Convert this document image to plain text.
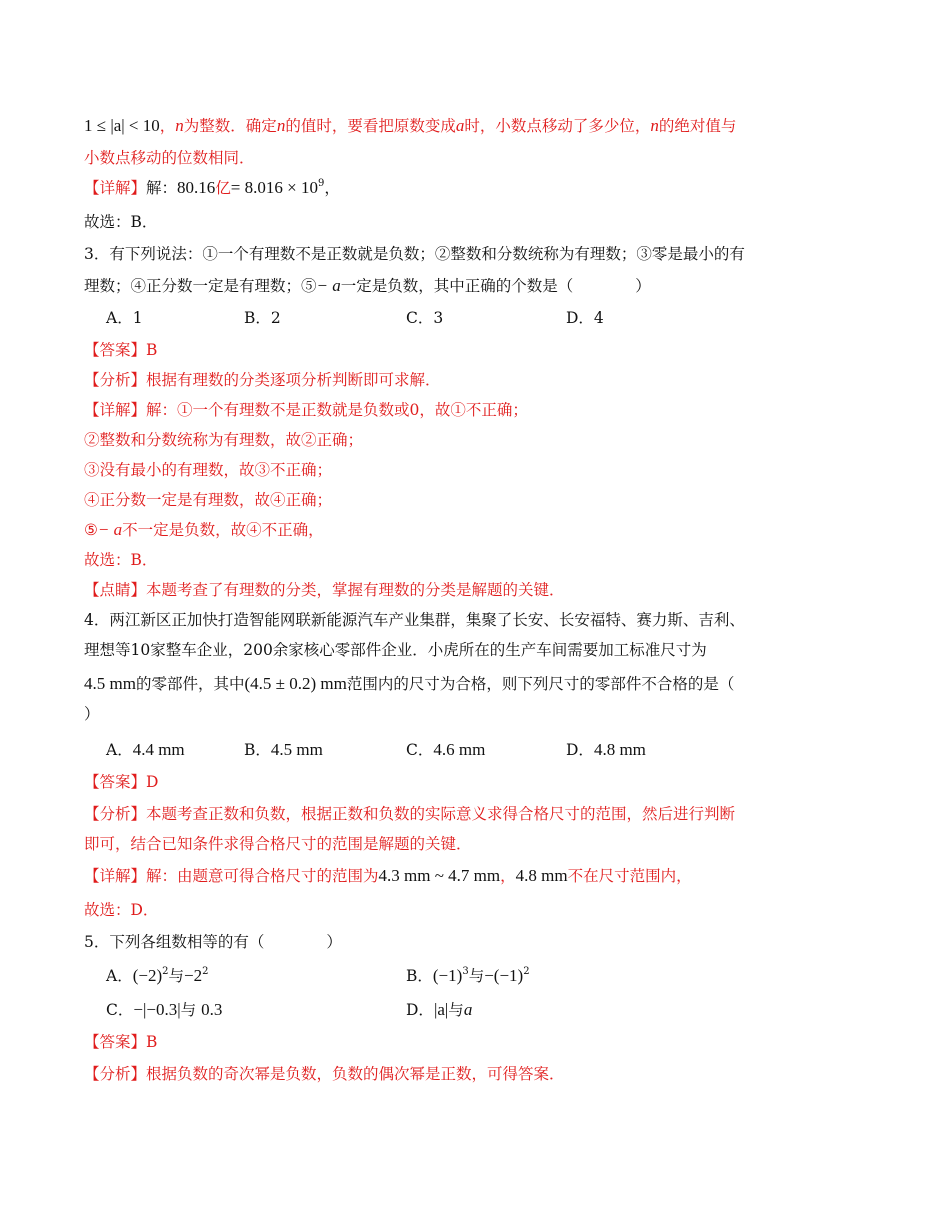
1 ≤ |a| < 10，n为整数．确定n的值时，要看把原数变成a时，小数点移动了多少位，n的绝对值与
小数点移动的位数相同．
【详解】解：80.16亿= $8.016 \times 10^9$，
故选：B．
3．有下列说法：①一个有理数不是正数就是负数；②整数和分数统称为有理数；③零是最小的有
理数；④正分数一定是有理数；⑤− a一定是负数，其中正确的个数是（　　　　）
A．1	B．2	C．3	D．4
【答案】B
【分析】根据有理数的分类逐项分析判断即可求解．
【详解】解：①一个有理数不是正数就是负数或0，故①不正确；
②整数和分数统称为有理数，故②正确；
③没有最小的有理数，故③不正确；
④正分数一定是有理数，故④正确；
⑤− a不一定是负数，故④不正确，
故选：B．
【点睛】本题考查了有理数的分类，掌握有理数的分类是解题的关键．
4．两江新区正加快打造智能网联新能源汽车产业集群，集聚了长安、长安福特、赛力斯、吉利、
理想等10家整车企业，200余家核心零部件企业．小虎所在的生产车间需要加工标准尺寸为
4.5 mm的零部件，其中(4.5 ± 0.2) mm范围内的尺寸为合格，则下列尺寸的零部件不合格的是（
）
A．4.4 mm	B．4.5 mm	C．4.6 mm	D．4.8 mm
【答案】D
【分析】本题考查正数和负数，根据正数和负数的实际意义求得合格尺寸的范围，然后进行判断
即可，结合已知条件求得合格尺寸的范围是解题的关键．
【详解】解：由题意可得合格尺寸的范围为4.3 mm ~ 4.7 mm，4.8 mm不在尺寸范围内，
故选：D．
5．下列各组数相等的有（　　　　）
A．$(-2)^2$与$-2^2$	B．$(-1)^3$与$-(-1)^2$
C．−|−0.3|与 0.3	D．|a|与a
【答案】B
【分析】根据负数的奇次幂是负数，负数的偶次幂是正数，可得答案．
